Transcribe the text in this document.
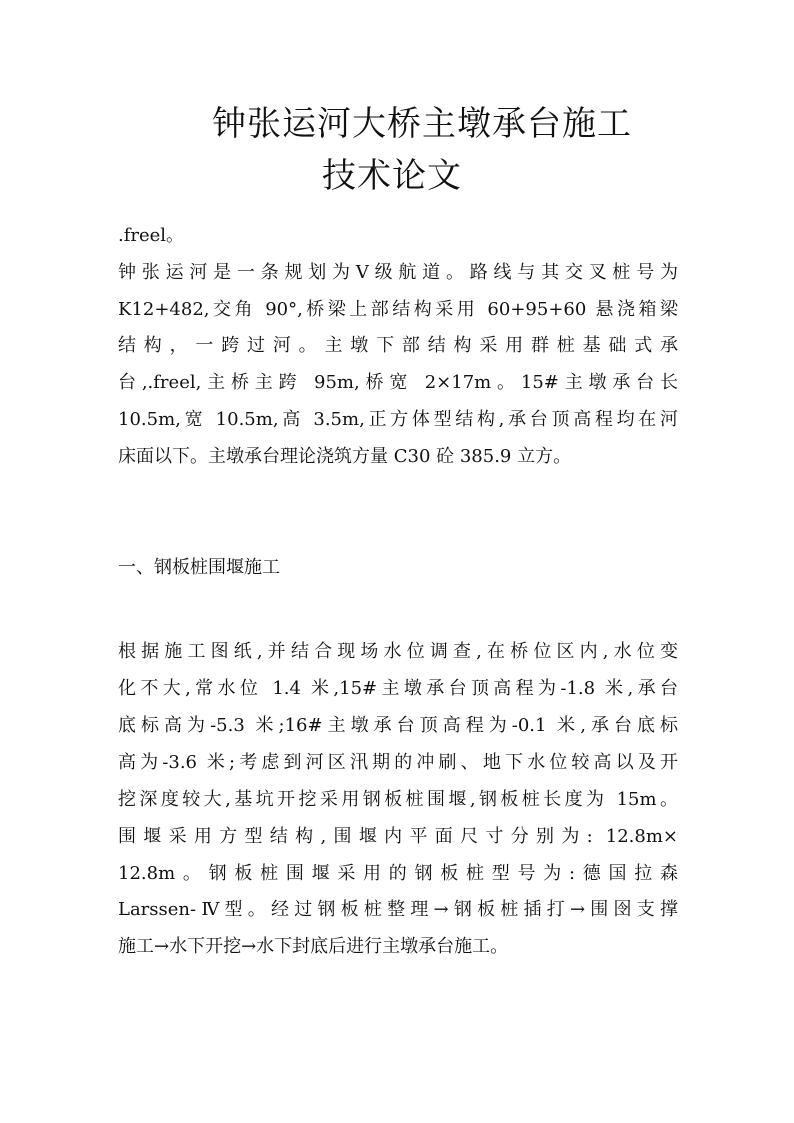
钟张运河大桥主墩承台施工
技术论文
.freel。
钟张运河是一条规划为Ⅴ级航道。路线与其交叉桩号为
K12+482,交角 90°,桥梁上部结构采用 60+95+60 悬浇箱梁
结构，一跨过河。主墩下部结构采用群桩基础式承
台,.freel,主桥主跨 95m,桥宽 2×17m。15#主墩承台长
10.5m,宽 10.5m,高 3.5m,正方体型结构,承台顶高程均在河
床面以下。主墩承台理论浇筑方量 C30 砼 385.9 立方。
一、钢板桩围堰施工
根据施工图纸,并结合现场水位调查,在桥位区内,水位变
化不大,常水位 1.4 米,15#主墩承台顶高程为-1.8 米,承台
底标高为-5.3 米;16#主墩承台顶高程为-0.1 米,承台底标
高为-3.6 米;考虑到河区汛期的冲刷、地下水位较高以及开
挖深度较大,基坑开挖采用钢板桩围堰,钢板桩长度为 15m。
围堰采用方型结构,围堰内平面尺寸分别为: 12.8m×
12.8m。钢板桩围堰采用的钢板桩型号为:德国拉森
Larssen-Ⅳ型。经过钢板桩整理→钢板桩插打→围囹支撑
施工→水下开挖→水下封底后进行主墩承台施工。
